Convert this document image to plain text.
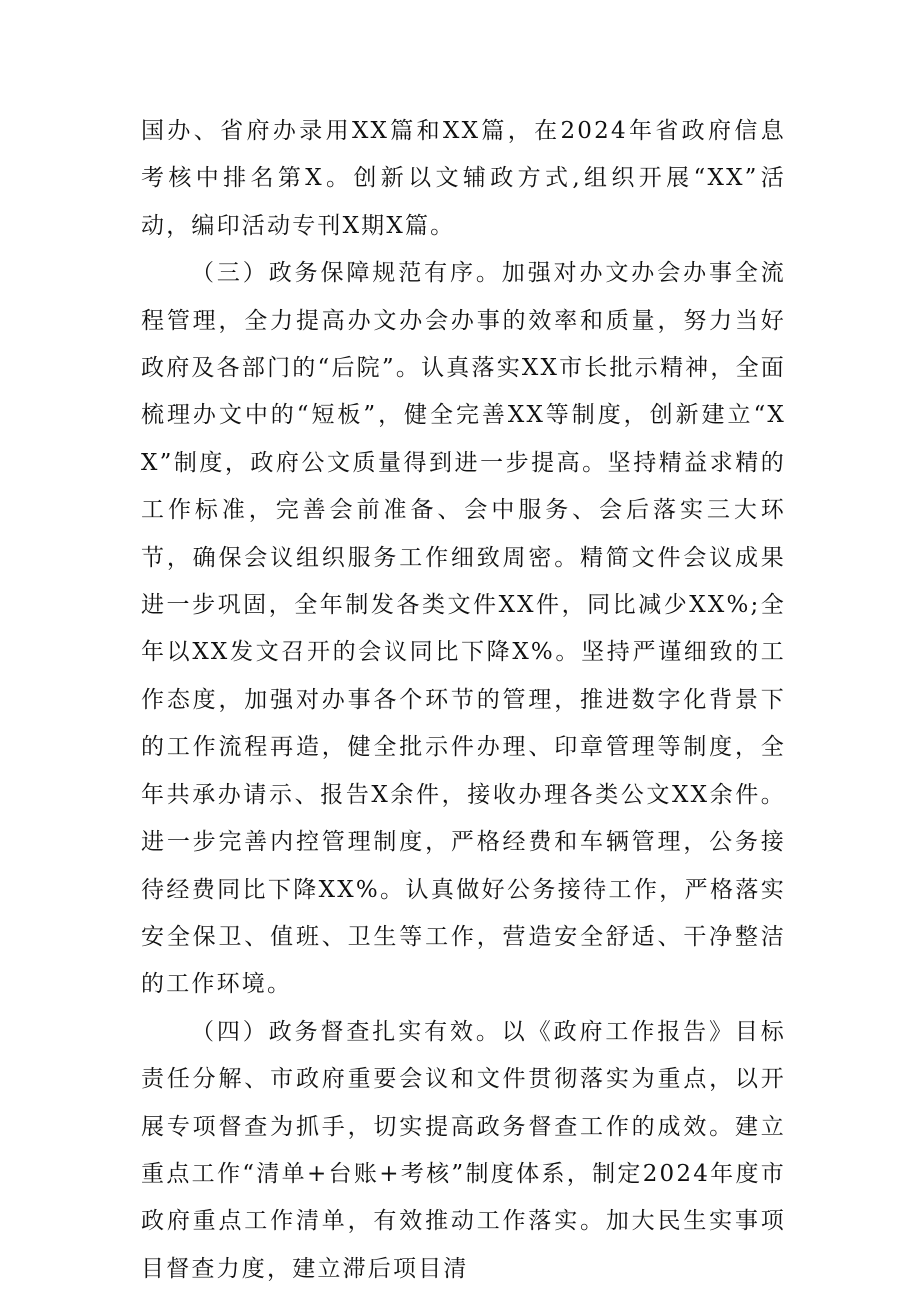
国办、省府办录用XX篇和XX篇，在2024年省政府信息考核中排名第X。创新以文辅政方式,组织开展“XX”活动，编印活动专刊X期X篇。

（三）政务保障规范有序。加强对办文办会办事全流程管理，全力提高办文办会办事的效率和质量，努力当好政府及各部门的“后院”。认真落实XX市长批示精神，全面梳理办文中的“短板”，健全完善XX等制度，创新建立“XX”制度，政府公文质量得到进一步提高。坚持精益求精的工作标准，完善会前准备、会中服务、会后落实三大环节，确保会议组织服务工作细致周密。精简文件会议成果进一步巩固，全年制发各类文件XX件，同比减少XX%;全年以XX发文召开的会议同比下降X%。坚持严谨细致的工作态度，加强对办事各个环节的管理，推进数字化背景下的工作流程再造，健全批示件办理、印章管理等制度，全年共承办请示、报告X余件，接收办理各类公文XX余件。进一步完善内控管理制度，严格经费和车辆管理，公务接待经费同比下降XX%。认真做好公务接待工作，严格落实安全保卫、值班、卫生等工作，营造安全舒适、干净整洁的工作环境。

（四）政务督查扎实有效。以《政府工作报告》目标责任分解、市政府重要会议和文件贯彻落实为重点，以开展专项督查为抓手，切实提高政务督查工作的成效。建立重点工作“清单+台账+考核”制度体系，制定2024年度市政府重点工作清单，有效推动工作落实。加大民生实事项目督查力度，建立滞后项目清
